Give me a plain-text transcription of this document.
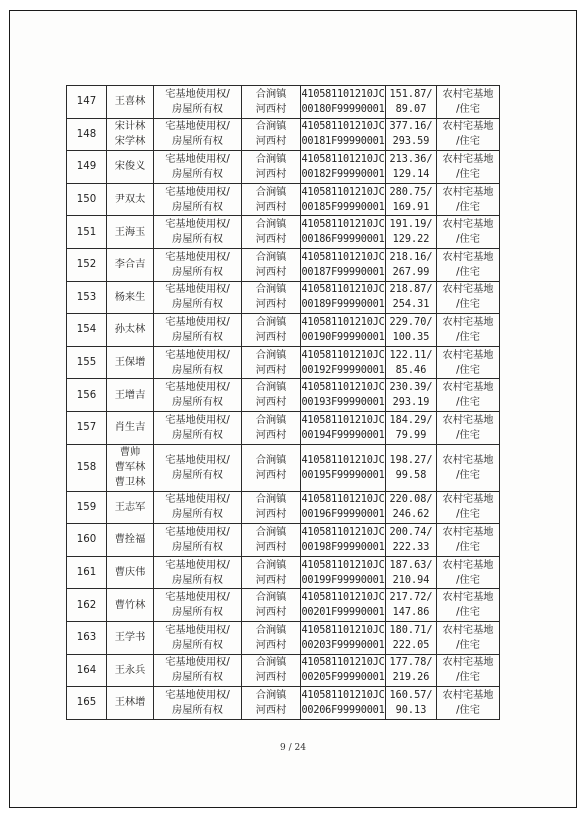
147	王喜林	宅基地使用权/
房屋所有权	合涧镇
河西村	410581101210JC
00180F99990001	151.87/
89.07	农村宅基地
/住宅

148	宋计林
宋学林	宅基地使用权/
房屋所有权	合涧镇
河西村	410581101210JC
00181F99990001	377.16/
293.59	农村宅基地
/住宅

149	宋俊义	宅基地使用权/
房屋所有权	合涧镇
河西村	410581101210JC
00182F99990001	213.36/
129.14	农村宅基地
/住宅

150	尹双太	宅基地使用权/
房屋所有权	合涧镇
河西村	410581101210JC
00185F99990001	280.75/
169.91	农村宅基地
/住宅

151	王海玉	宅基地使用权/
房屋所有权	合涧镇
河西村	410581101210JC
00186F99990001	191.19/
129.22	农村宅基地
/住宅

152	李合吉	宅基地使用权/
房屋所有权	合涧镇
河西村	410581101210JC
00187F99990001	218.16/
267.99	农村宅基地
/住宅

153	杨来生	宅基地使用权/
房屋所有权	合涧镇
河西村	410581101210JC
00189F99990001	218.87/
254.31	农村宅基地
/住宅

154	孙太林	宅基地使用权/
房屋所有权	合涧镇
河西村	410581101210JC
00190F99990001	229.70/
100.35	农村宅基地
/住宅

155	王保增	宅基地使用权/
房屋所有权	合涧镇
河西村	410581101210JC
00192F99990001	122.11/
85.46	农村宅基地
/住宅

156	王增吉	宅基地使用权/
房屋所有权	合涧镇
河西村	410581101210JC
00193F99990001	230.39/
293.19	农村宅基地
/住宅

157	肖生吉	宅基地使用权/
房屋所有权	合涧镇
河西村	410581101210JC
00194F99990001	184.29/
79.99	农村宅基地
/住宅

158	曹帅
曹军林
曹卫林	宅基地使用权/
房屋所有权	合涧镇
河西村	410581101210JC
00195F99990001	198.27/
99.58	农村宅基地
/住宅

159	王志军	宅基地使用权/
房屋所有权	合涧镇
河西村	410581101210JC
00196F99990001	220.08/
246.62	农村宅基地
/住宅

160	曹拴福	宅基地使用权/
房屋所有权	合涧镇
河西村	410581101210JC
00198F99990001	200.74/
222.33	农村宅基地
/住宅

161	曹庆伟	宅基地使用权/
房屋所有权	合涧镇
河西村	410581101210JC
00199F99990001	187.63/
210.94	农村宅基地
/住宅

162	曹竹林	宅基地使用权/
房屋所有权	合涧镇
河西村	410581101210JC
00201F99990001	217.72/
147.86	农村宅基地
/住宅

163	王学书	宅基地使用权/
房屋所有权	合涧镇
河西村	410581101210JC
00203F99990001	180.71/
222.05	农村宅基地
/住宅

164	王永兵	宅基地使用权/
房屋所有权	合涧镇
河西村	410581101210JC
00205F99990001	177.78/
219.26	农村宅基地
/住宅

165	王林增	宅基地使用权/
房屋所有权	合涧镇
河西村	410581101210JC
00206F99990001	160.57/
90.13	农村宅基地
/住宅
9 / 24
